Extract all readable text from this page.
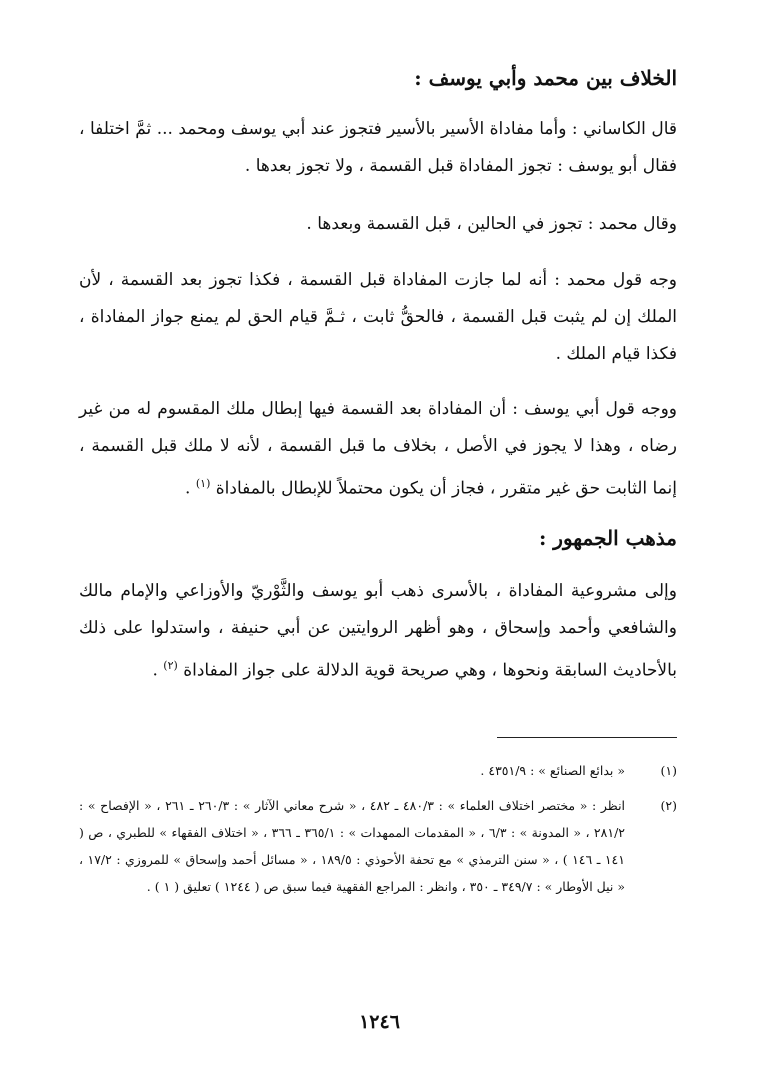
الخلاف بين محمد وأبي يوسف :
قال الكاساني : وأما مفاداة الأسير بالأسير فتجوز عند أبي يوسف ومحمد ... ثمَّ اختلفا ، فقال أبو يوسف : تجوز المفاداة قبل القسمة ، ولا تجوز بعدها .
وقال محمد : تجوز في الحالين ، قبل القسمة وبعدها .
وجه قول محمد : أنه لما جازت المفاداة قبل القسمة ، فكذا تجوز بعد القسمة ، لأن الملك إن لم يثبت قبل القسمة ، فالحقُّ ثابت ، ثـمَّ قيام الحق لم يمنع جواز المفاداة ، فكذا قيام الملك .
ووجه قول أبي يوسف : أن المفاداة بعد القسمة فيها إبطال ملك المقسوم له من غير رضاه ، وهذا لا يجوز في الأصل ، بخلاف ما قبل القسمة ، لأنه لا ملك قبل القسمة ، إنما الثابت حق غير متقرر ، فجاز أن يكون محتملاً للإبطال بالمفاداة $^{(١)}$ .
مذهب الجمهور :
وإلى مشروعية المفاداة ، بالأسرى ذهب أبو يوسف والثَّوْريّ والأوزاعي والإمام مالك والشافعي وأحمد وإسحاق ، وهو أظهر الروايتين عن أبي حنيفة ، واستدلوا على ذلك بالأحاديث السابقة ونحوها ، وهي صريحة قوية الدلالة على جواز المفاداة $^{(٢)}$ .
(١)
« بدائع الصنائع » : ٤٣٥١/٩ .
(٢)
انظر : « مختصر اختلاف العلماء » : ٤٨٠/٣ ـ ٤٨٢ ، « شرح معاني الآثار » : ٢٦٠/٣ ـ ٢٦١ ، « الإفصاح » : ٢٨١/٢ ، « المدونة » : ٦/٣ ، « المقدمات الممهدات » : ٣٦٥/١ ـ ٣٦٦ ، « اختلاف الفقهاء » للطبري ، ص ( ١٤١ ـ ١٤٦ ) ، « سنن الترمذي » مع تحفة الأحوذي : ١٨٩/٥ ، « مسائل أحمد وإسحاق » للمروزي : ١٧/٢ ، « نيل الأوطار » : ٣٤٩/٧ ـ ٣٥٠ ، وانظر : المراجع الفقهية فيما سبق ص ( ١٢٤٤ ) تعليق ( ١ ) .
١٢٤٦
